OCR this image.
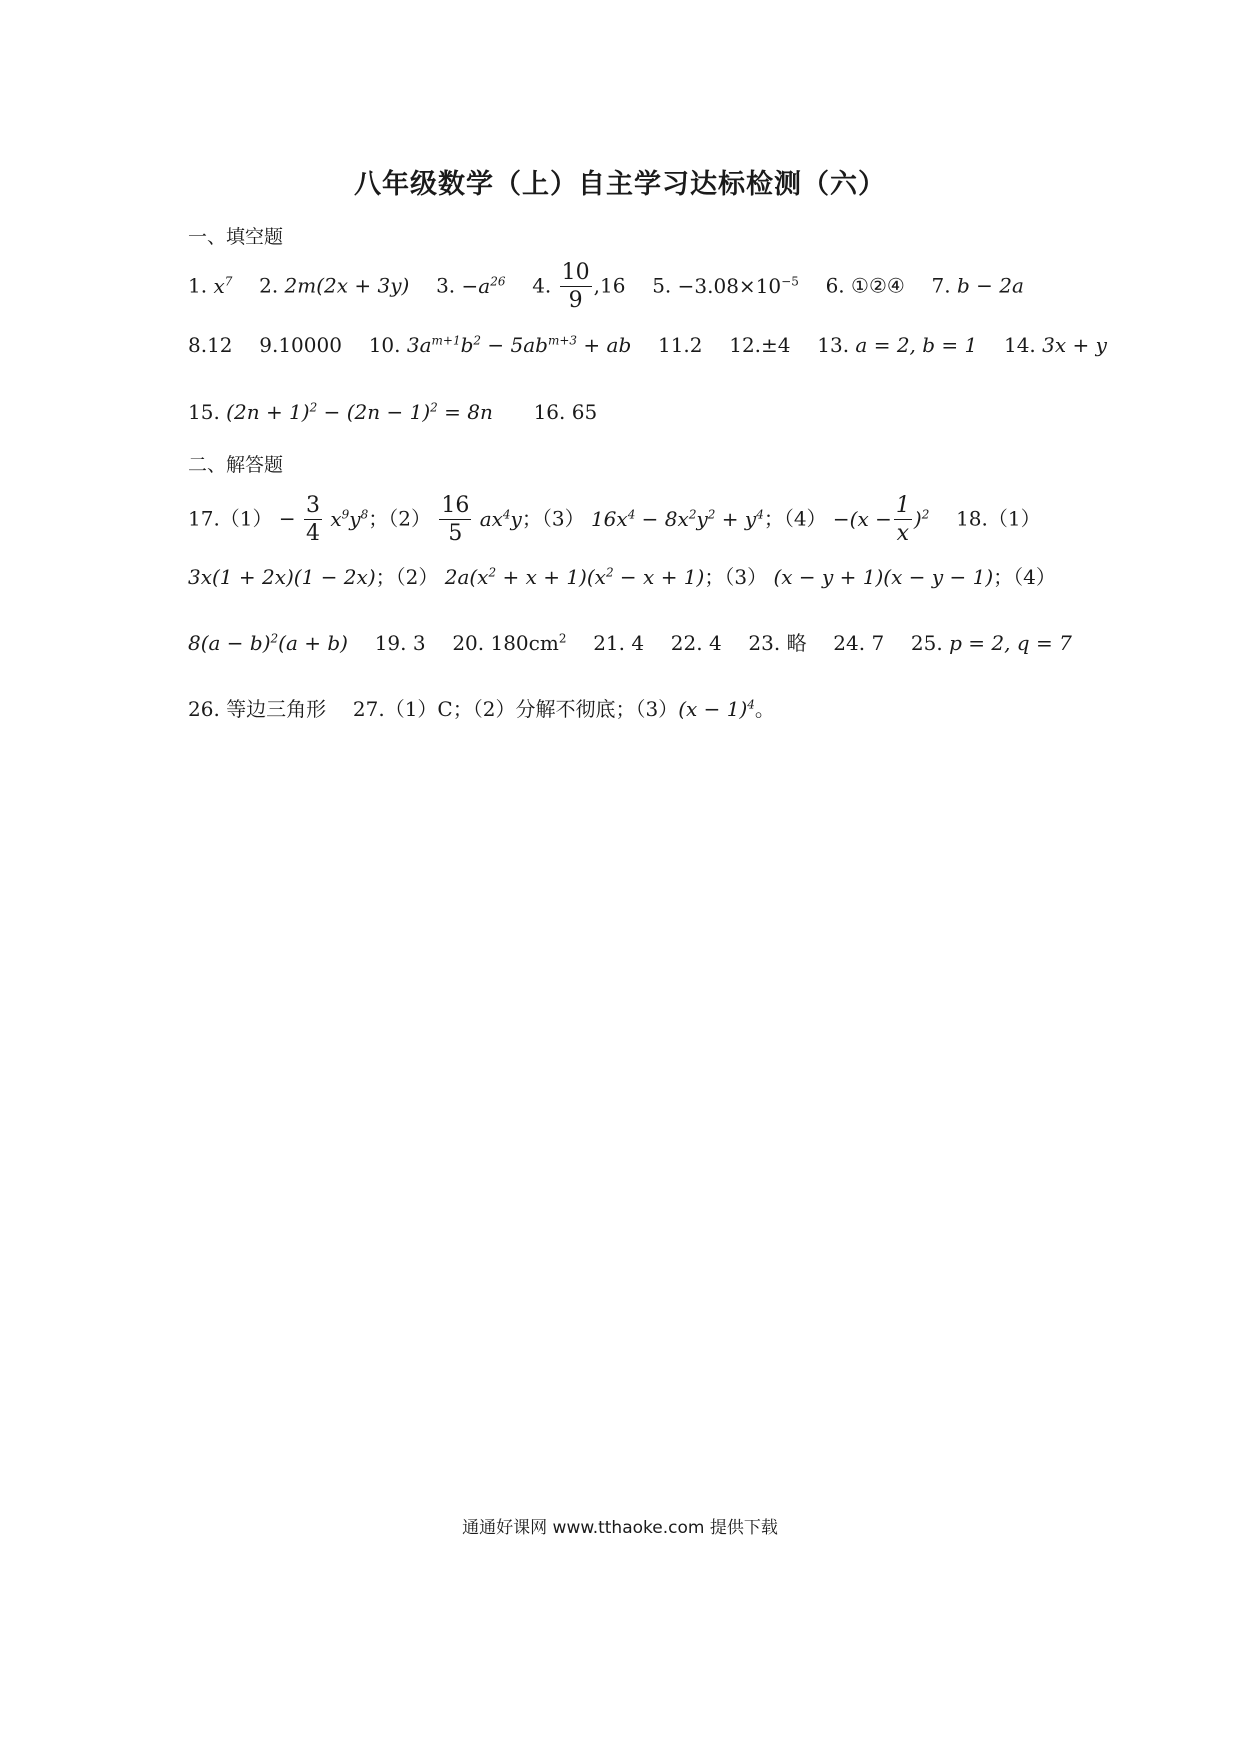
八年级数学（上）自主学习达标检测（六）
一、填空题
1. $x^7$ 2. 2m(2x + 3y) 3. $-a^{26}$ 4. $\frac{10}{9} ,16$ 5. $-3.08\times 10^{-5}$ 6. ①②④ 7. b − 2a
8.12 9.10000 10. $3a^{m+1}b^2 - 5ab^{m+3}$ + ab 11.2 12.±4 13. a = 2, b = 1 14. 3x + y
15. $(2n + 1)^2 - (2n - 1)^2 = 8n$ 16. 65
二、解答题
$17.(1) - \frac{3}{4} x^9y^8$；$(2) \frac{16}{5} ax^4y$；（3） $16x^4 - 8x^2y^2 + y^4$；$(4) -(x - \frac{1}{x} )^2$ 18.（1）
3x(1 + 2x)(1 − 2x)；（2） $2a(x^2 + x + 1)(x^2 - x + 1)$；（3） (x − y + 1)(x − y − 1)；（4）
$8(a - b)^2(a + b)$ 19. 3 20. $180cm^2$ 21. 4 22. 4 23. 略 24. 7 25. p = 2, q = 7
26. 等边三角形 27.（1）C；（2）分解不彻底；$(3)(x - 1)^4$。
通通好课网 www.tthaoke.com 提供下载
